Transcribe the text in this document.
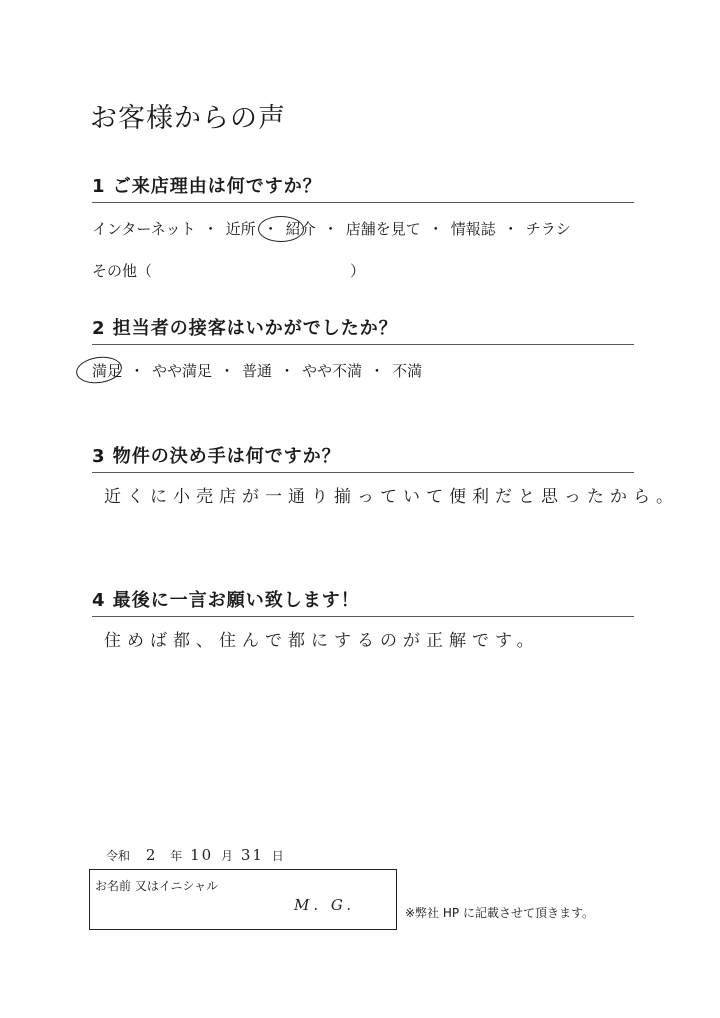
お客様からの声
1 ご来店理由は何ですか？
インターネット ・ 近所 ・ 紹介 ・ 店舗を見て ・ 情報誌 ・ チラシ
その他（	）
2 担当者の接客はいかがでしたか？
満足 ・ やや満足 ・ 普通 ・ やや不満 ・ 不満
3 物件の決め手は何ですか？
近くに小売店が一通り揃っていて便利だと思ったから。
4 最後に一言お願い致します！
住めば都、住んで都にするのが正解です。
令和 2 年 10 月 31 日
お名前 又はイニシャル
M. G.	※弊社 HP に記載させて頂きます。
